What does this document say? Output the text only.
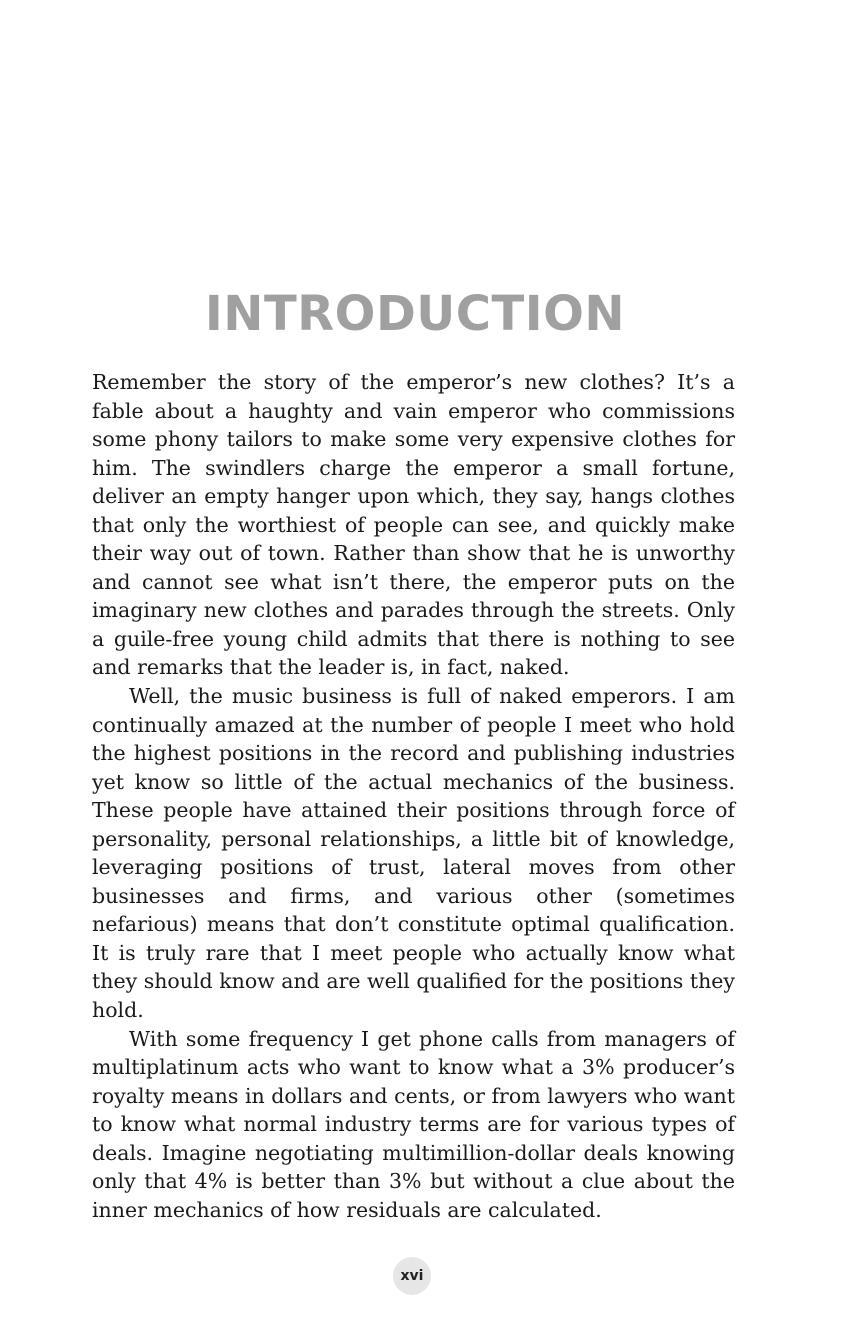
INTRODUCTION

Remember the story of the emperor’s new clothes? It’s a fable about a haughty and vain emperor who commissions some phony tailors to make some very expensive clothes for him. The swindlers charge the emperor a small fortune, deliver an empty hanger upon which, they say, hangs clothes that only the worthiest of people can see, and quickly make their way out of town. Rather than show that he is unworthy and cannot see what isn’t there, the emperor puts on the imaginary new clothes and parades through the streets. Only a guile-free young child admits that there is nothing to see and remarks that the leader is, in fact, naked.

Well, the music business is full of naked emperors. I am continually amazed at the number of people I meet who hold the highest positions in the record and publishing industries yet know so little of the actual mechanics of the business. These people have attained their positions through force of personality, personal relationships, a little bit of knowledge, leveraging positions of trust, lateral moves from other businesses and firms, and various other (sometimes nefarious) means that don’t constitute optimal qualification. It is truly rare that I meet people who actually know what they should know and are well qualified for the positions they hold.

With some frequency I get phone calls from managers of multiplatinum acts who want to know what a 3% producer’s royalty means in dollars and cents, or from lawyers who want to know what normal industry terms are for various types of deals. Imagine negotiating multimillion-dollar deals knowing only that 4% is better than 3% but without a clue about the inner mechanics of how residuals are calculated.

xvi
